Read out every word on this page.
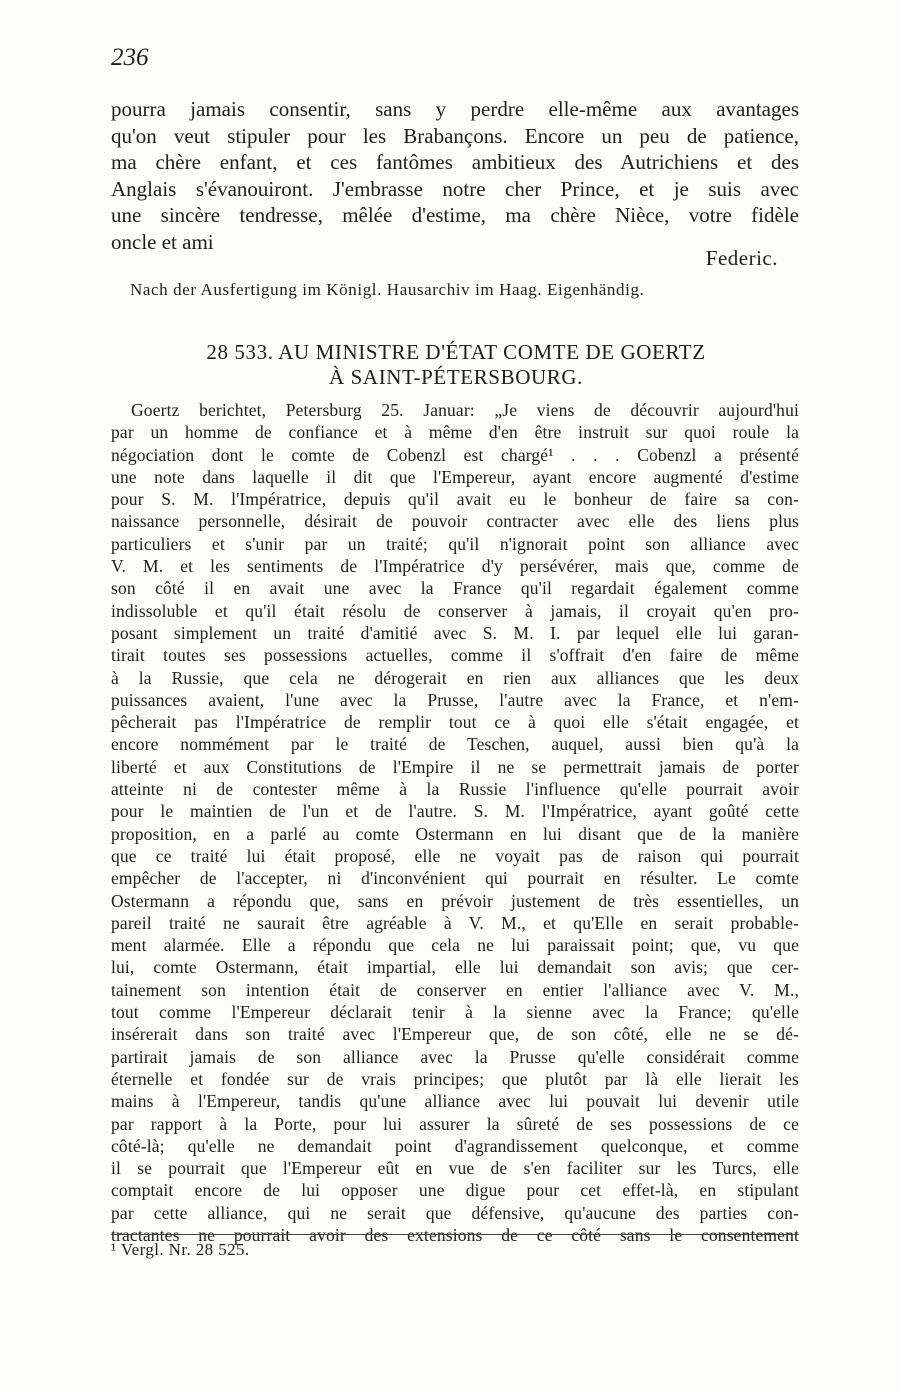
236
pourra jamais consentir, sans y perdre elle-même aux avantages
qu'on veut stipuler pour les Brabançons. Encore un peu de patience,
ma chère enfant, et ces fantômes ambitieux des Autrichiens et des
Anglais s'évanouiront. J'embrasse notre cher Prince, et je suis avec
une sincère tendresse, mêlée d'estime, ma chère Nièce, votre fidèle
oncle et ami
Federic.
Nach der Ausfertigung im Königl. Hausarchiv im Haag. Eigenhändig.
28 533. AU MINISTRE D'ÉTAT COMTE DE GOERTZ
À SAINT-PÉTERSBOURG.
Goertz berichtet, Petersburg 25. Januar: „Je viens de découvrir aujourd'hui
par un homme de confiance et à même d'en être instruit sur quoi roule la
négociation dont le comte de Cobenzl est chargé¹ . . . Cobenzl a présenté
une note dans laquelle il dit que l'Empereur, ayant encore augmenté d'estime
pour S. M. l'Impératrice, depuis qu'il avait eu le bonheur de faire sa con-
naissance personnelle, désirait de pouvoir contracter avec elle des liens plus
particuliers et s'unir par un traité; qu'il n'ignorait point son alliance avec
V. M. et les sentiments de l'Impératrice d'y persévérer, mais que, comme de
son côté il en avait une avec la France qu'il regardait également comme
indissoluble et qu'il était résolu de conserver à jamais, il croyait qu'en pro-
posant simplement un traité d'amitié avec S. M. I. par lequel elle lui garan-
tirait toutes ses possessions actuelles, comme il s'offrait d'en faire de même
à la Russie, que cela ne dérogerait en rien aux alliances que les deux
puissances avaient, l'une avec la Prusse, l'autre avec la France, et n'em-
pêcherait pas l'Impératrice de remplir tout ce à quoi elle s'était engagée, et
encore nommément par le traité de Teschen, auquel, aussi bien qu'à la
liberté et aux Constitutions de l'Empire il ne se permettrait jamais de porter
atteinte ni de contester même à la Russie l'influence qu'elle pourrait avoir
pour le maintien de l'un et de l'autre. S. M. l'Impératrice, ayant goûté cette
proposition, en a parlé au comte Ostermann en lui disant que de la manière
que ce traité lui était proposé, elle ne voyait pas de raison qui pourrait
empêcher de l'accepter, ni d'inconvénient qui pourrait en résulter. Le comte
Ostermann a répondu que, sans en prévoir justement de très essentielles, un
pareil traité ne saurait être agréable à V. M., et qu'Elle en serait probable-
ment alarmée. Elle a répondu que cela ne lui paraissait point; que, vu que
lui, comte Ostermann, était impartial, elle lui demandait son avis; que cer-
tainement son intention était de conserver en entier l'alliance avec V. M.,
tout comme l'Empereur déclarait tenir à la sienne avec la France; qu'elle
insérerait dans son traité avec l'Empereur que, de son côté, elle ne se dé-
partirait jamais de son alliance avec la Prusse qu'elle considérait comme
éternelle et fondée sur de vrais principes; que plutôt par là elle lierait les
mains à l'Empereur, tandis qu'une alliance avec lui pouvait lui devenir utile
par rapport à la Porte, pour lui assurer la sûreté de ses possessions de ce
côté-là; qu'elle ne demandait point d'agrandissement quelconque, et comme
il se pourrait que l'Empereur eût en vue de s'en faciliter sur les Turcs, elle
comptait encore de lui opposer une digue pour cet effet-là, en stipulant
par cette alliance, qui ne serait que défensive, qu'aucune des parties con-
tractantes ne pourrait avoir des extensions de ce côté sans le consentement
¹ Vergl. Nr. 28 525.
